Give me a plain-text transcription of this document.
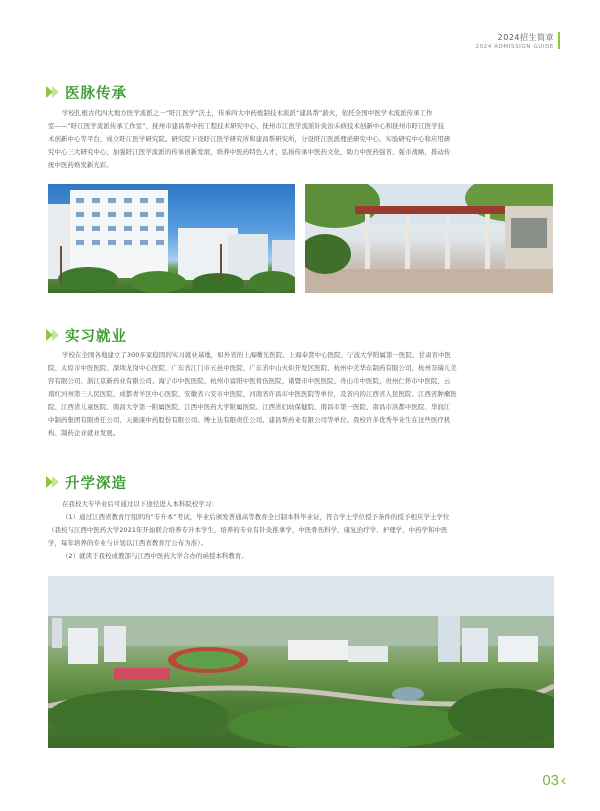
2024招生简章
2024 ADMISSION GUIDE
医脉传承
学校扎根古代四大地方医学流派之一“盱江医学”沃土，传承四大中药炮制技术流派“建昌帮”薪火，依托全国中医学术流派传承工作
室——“盱江医学流派传承工作室”、抚州市建昌帮中药工程技术研究中心、抚州市江医学流派针灸治未病技术创新中心和抚州市盱江医学技
术创新中心等平台，成立盱江医学研究院。研究院下设盱江医学研究所和建昌帮研究所，分设盱江医派理论研究中心、实验研究中心和应用研
究中心三大研究中心，加强盱江医学流派的传承创新发展，培养中医药特色人才，弘扬传承中医药文化，助力中医药强省、强市战略，推动传
统中医药焕发新光彩。
实习就业
学校在全国各地建立了300多家稳固的实习就业基地，如外省的上海曙光医院、上海奉贤中心医院、宁波大学附属第一医院、甘肃省中医
院、太原市中医医院、深圳龙岗中心医院、广东省江门市五邑中医院、广东省中山火炬开发区医院、杭州中美华东制药有限公司、杭州奈瑞儿美
容有限公司、浙江京新药业有限公司、海宁市中医医院、杭州市富阳中医骨伤医院、诸暨市中医医院、舟山市中医院、贵州仁怀市中医院、云
南红河州第三人民医院、成都青羊区中心医院、安徽省六安市中医院、河南省许昌市中医医院等单位，及省内的江西省人民医院、江西省肿瘤医
院、江西省儿童医院、南昌大学第一附属医院、江西中医药大学附属医院、江西省妇幼保健院、南昌市第一医院、南昌市洪都中医院、华润江
中制药集团有限责任公司、天施康中药股份有限公司、博士达有限责任公司、建昌帮药业有限公司等单位。我校许多优秀毕业生在这些医疗机
构、制药企业就业发展。
升学深造
在我校大专毕业后可通过以下途径进入本科院校学习：
（1）通过江西省教育厅组织的“专升本”考试，毕业后颁发普通高等教育全日制本科毕业证，符合学士学位授予条件的授予相应学士学位
（我校与江西中医药大学2021年开始联合培养专升本学生，培养的专业有针灸推拿学、中医骨伤科学、康复治疗学、护理学、中药学和中医
学，每年培养的专业与计划以江西省教育厅公布为准）。
（2）就读于我校成教部与江西中医药大学合办的函授本科教育。
03 ‹
